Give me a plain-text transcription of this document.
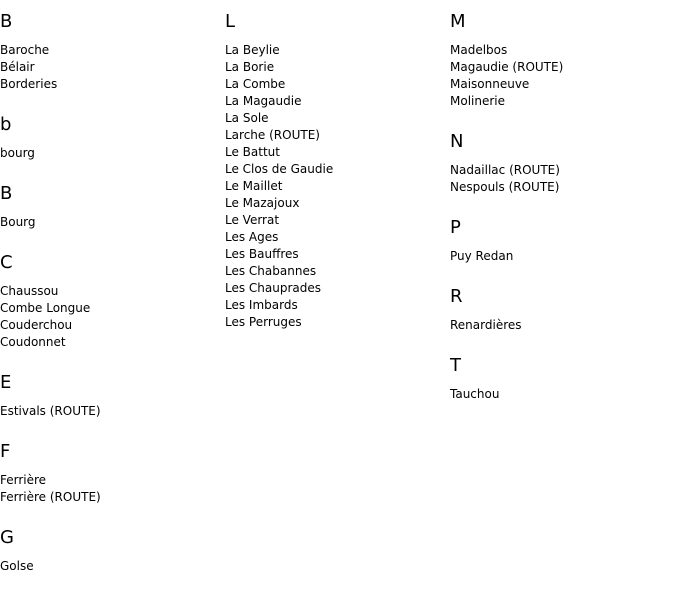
B
Baroche
Bélair
Borderies
b
bourg
B
Bourg
C
Chaussou
Combe Longue
Couderchou
Coudonnet
E
Estivals (ROUTE)
F
Ferrière
Ferrière (ROUTE)
G
Golse
L
La Beylie
La Borie
La Combe
La Magaudie
La Sole
Larche (ROUTE)
Le Battut
Le Clos de Gaudie
Le Maillet
Le Mazajoux
Le Verrat
Les Ages
Les Bauffres
Les Chabannes
Les Chauprades
Les Imbards
Les Perruges
M
Madelbos
Magaudie (ROUTE)
Maisonneuve
Molinerie
N
Nadaillac (ROUTE)
Nespouls (ROUTE)
P
Puy Redan
R
Renardières
T
Tauchou
